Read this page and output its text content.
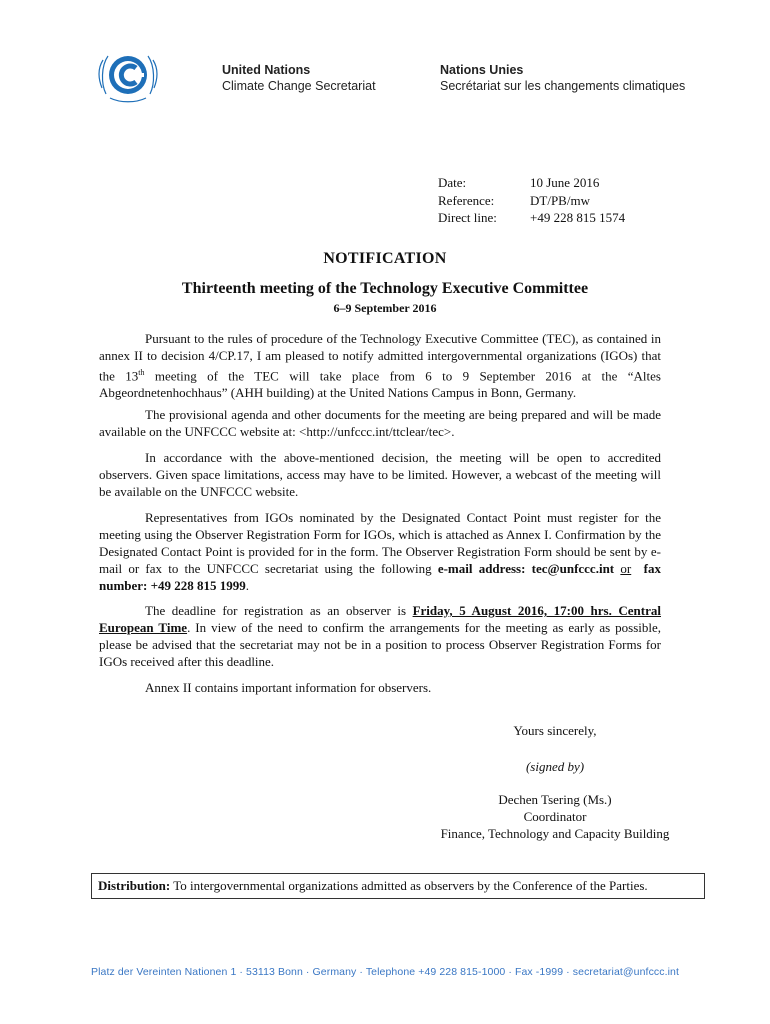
United Nations
Climate Change Secretariat
Nations Unies
Secrétariat sur les changements climatiques
Date:	10 June 2016
Reference:	DT/PB/mw
Direct line:	+49 228 815 1574
NOTIFICATION
Thirteenth meeting of the Technology Executive Committee
6–9 September 2016
Pursuant to the rules of procedure of the Technology Executive Committee (TEC), as contained in annex II to decision 4/CP.17, I am pleased to notify admitted intergovernmental organizations (IGOs) that the 13th meeting of the TEC will take place from 6 to 9 September 2016 at the “Altes Abgeordnetenhochhaus” (AHH building) at the United Nations Campus in Bonn, Germany.
The provisional agenda and other documents for the meeting are being prepared and will be made available on the UNFCCC website at: <http://unfccc.int/ttclear/tec>.
In accordance with the above-mentioned decision, the meeting will be open to accredited observers. Given space limitations, access may have to be limited. However, a webcast of the meeting will be available on the UNFCCC website.
Representatives from IGOs nominated by the Designated Contact Point must register for the meeting using the Observer Registration Form for IGOs, which is attached as Annex I. Confirmation by the Designated Contact Point is provided for in the form. The Observer Registration Form should be sent by e-mail or fax to the UNFCCC secretariat using the following e-mail address: tec@unfccc.int or fax number: +49 228 815 1999.
The deadline for registration as an observer is Friday, 5 August 2016, 17:00 hrs. Central European Time. In view of the need to confirm the arrangements for the meeting as early as possible, please be advised that the secretariat may not be in a position to process Observer Registration Forms for IGOs received after this deadline.
Annex II contains important information for observers.
Yours sincerely,
(signed by)
Dechen Tsering (Ms.)
Coordinator
Finance, Technology and Capacity Building
Distribution: To intergovernmental organizations admitted as observers by the Conference of the Parties.
Platz der Vereinten Nationen 1 · 53113 Bonn · Germany · Telephone +49 228 815-1000 · Fax -1999 · secretariat@unfccc.int
